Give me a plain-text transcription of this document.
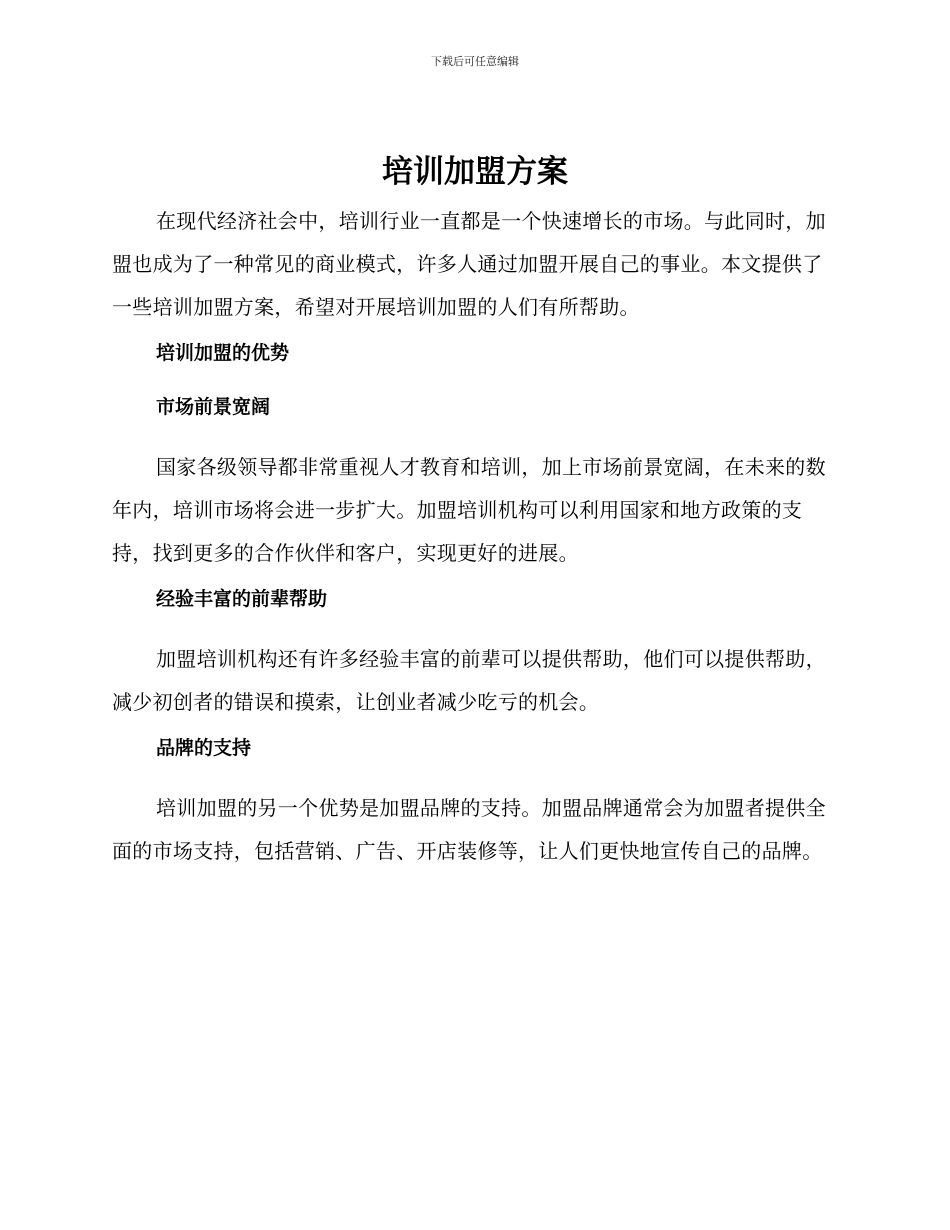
下载后可任意编辑
培训加盟方案

在现代经济社会中，培训行业一直都是一个快速增长的市场。与此同时，加盟也成为了一种常见的商业模式，许多人通过加盟开展自己的事业。本文提供了一些培训加盟方案，希望对开展培训加盟的人们有所帮助。

培训加盟的优势
市场前景宽阔

国家各级领导都非常重视人才教育和培训，加上市场前景宽阔，在未来的数年内，培训市场将会进一步扩大。加盟培训机构可以利用国家和地方政策的支持，找到更多的合作伙伴和客户，实现更好的进展。

经验丰富的前辈帮助

加盟培训机构还有许多经验丰富的前辈可以提供帮助，他们可以提供帮助，减少初创者的错误和摸索，让创业者减少吃亏的机会。

品牌的支持

培训加盟的另一个优势是加盟品牌的支持。加盟品牌通常会为加盟者提供全面的市场支持，包括营销、广告、开店装修等，让人们更快地宣传自己的品牌。
